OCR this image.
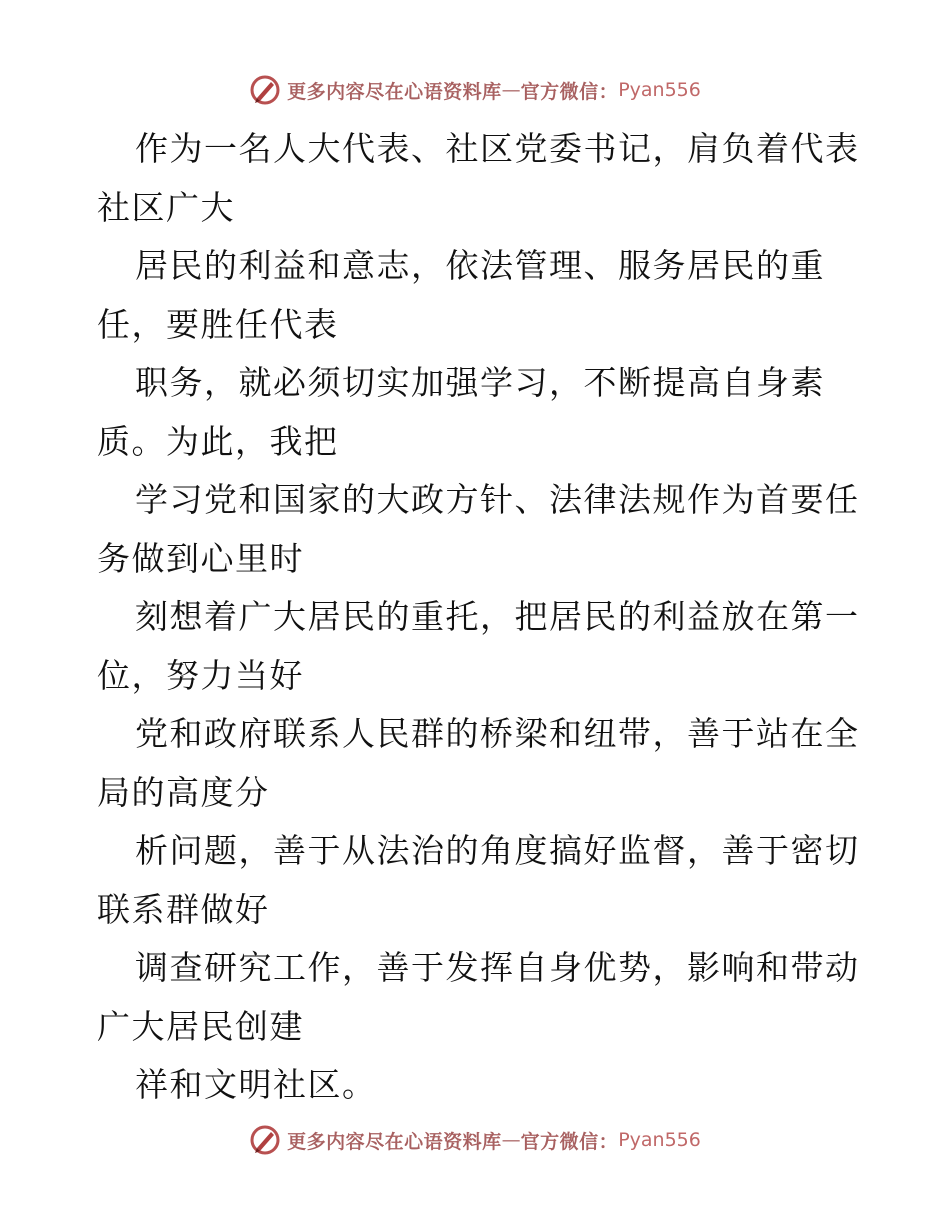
更多内容尽在心语资料库 — 官方微信： Pyan556
作为一名人大代表、社区党委书记，肩负着代表
社区广大
居民的利益和意志，依法管理、服务居民的重
任，要胜任代表
职务，就必须切实加强学习，不断提高自身素
质。为此，我把
学习党和国家的大政方针、法律法规作为首要任
务做到心里时
刻想着广大居民的重托，把居民的利益放在第一
位，努力当好
党和政府联系人民群的桥梁和纽带，善于站在全
局的高度分
析问题，善于从法治的角度搞好监督，善于密切
联系群做好
调查研究工作，善于发挥自身优势，影响和带动
广大居民创建
祥和文明社区。
更多内容尽在心语资料库 — 官方微信： Pyan556
